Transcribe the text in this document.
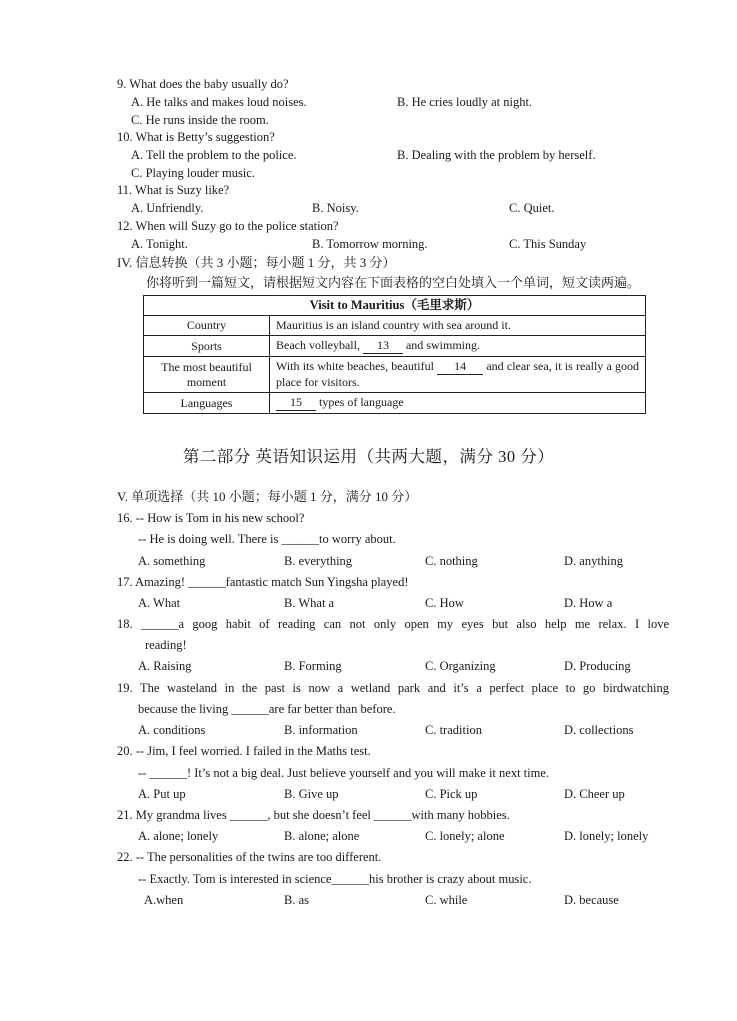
9. What does the baby usually do?
A. He talks and makes loud noises.	B. He cries loudly at night.
C. He runs inside the room.
10. What is Betty’s suggestion?
A. Tell the problem to the police.	B. Dealing with the problem by herself.
C. Playing louder music.
11. What is Suzy like?
A. Unfriendly.	B. Noisy.	C. Quiet.
12. When will Suzy go to the police station?
A. Tonight.	B. Tomorrow morning.	C. This Sunday
IV. 信息转换（共 3 小题；每小题 1 分，共 3 分）
你将听到一篇短文，请根据短文内容在下面表格的空白处填入一个单词，短文读两遍。
Visit to Mauritius（毛里求斯）	
Country	Mauritius is an island country with sea around it.
Sports	Beach volleyball, 13 and swimming.
The most beautiful moment	With its white beaches, beautiful 14 and clear sea, it is really a good place for visitors.
Languages	15 types of language
第二部分 英语知识运用（共两大题，满分 30 分）
V. 单项选择（共 10 小题；每小题 1 分，满分 10 分）
16. -- How is Tom in his new school?
-- He is doing well. There is ______to worry about.
A. something	B. everything	C. nothing	D. anything
17. Amazing! ______fantastic match Sun Yingsha played!
A. What	B. What a	C. How	D. How a
18. ______a goog habit of reading can not only open my eyes but also help me relax. I love
reading!
A. Raising	B. Forming	C. Organizing	D. Producing
19. The wasteland in the past is now a wetland park and it’s a perfect place to go birdwatching
because the living ______are far better than before.
A. conditions	B. information	C. tradition	D. collections
20. -- Jim, I feel worried. I failed in the Maths test.
-- ______! It’s not a big deal. Just believe yourself and you will make it next time.
A. Put up	B. Give up	C. Pick up	D. Cheer up
21. My grandma lives ______, but she doesn’t feel ______with many hobbies.
A. alone; lonely	B. alone; alone	C. lonely; alone	D. lonely; lonely
22. -- The personalities of the twins are too different.
-- Exactly. Tom is interested in science______his brother is crazy about music.
A.when	B. as	C. while	D. because
